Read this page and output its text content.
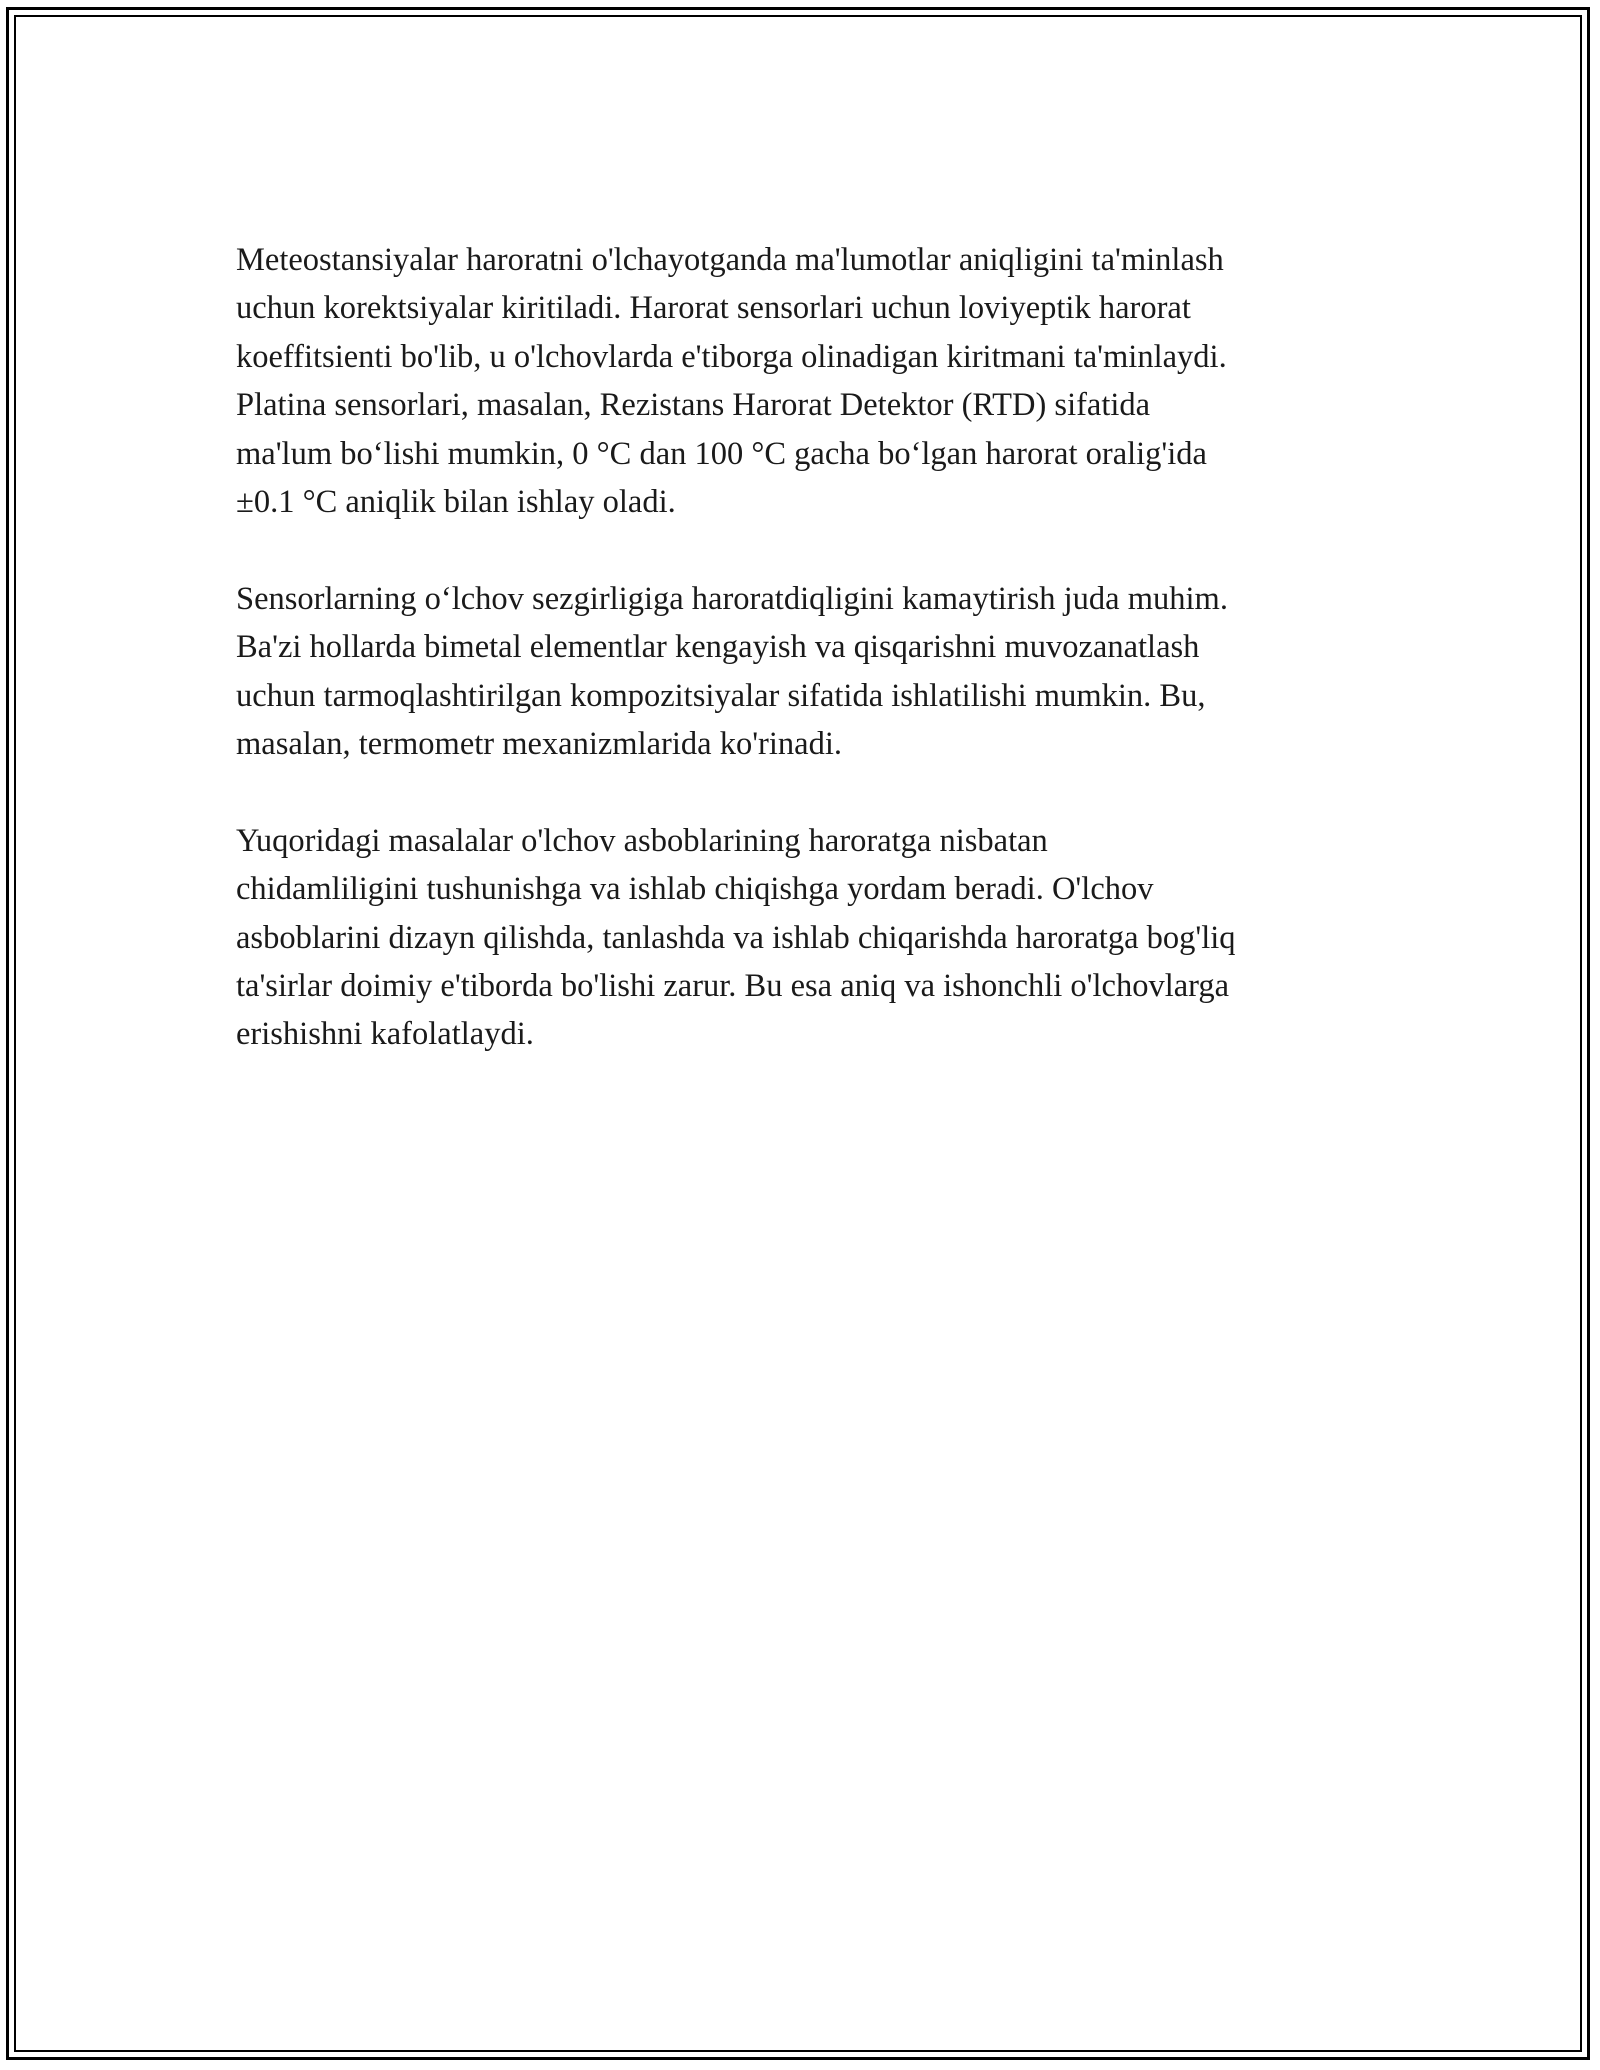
Meteostansiyalar haroratni o'lchayotganda ma'lumotlar aniqligini ta'minlash
uchun korektsiyalar kiritiladi. Harorat sensorlari uchun loviyeptik harorat
koeffitsienti bo'lib, u o'lchovlarda e'tiborga olinadigan kiritmani ta'minlaydi.
Platina sensorlari, masalan, Rezistans Harorat Detektor (RTD) sifatida
ma'lum bo‘lishi mumkin, 0 °C dan 100 °C gacha bo‘lgan harorat oralig'ida
±0.1 °C aniqlik bilan ishlay oladi.

Sensorlarning o‘lchov sezgirligiga haroratdiqligini kamaytirish juda muhim.
Ba'zi hollarda bimetal elementlar kengayish va qisqarishni muvozanatlash
uchun tarmoqlashtirilgan kompozitsiyalar sifatida ishlatilishi mumkin. Bu,
masalan, termometr mexanizmlarida ko'rinadi.

Yuqoridagi masalalar o'lchov asboblarining haroratga nisbatan
chidamliligini tushunishga va ishlab chiqishga yordam beradi. O'lchov
asboblarini dizayn qilishda, tanlashda va ishlab chiqarishda haroratga bog'liq
ta'sirlar doimiy e'tiborda bo'lishi zarur. Bu esa aniq va ishonchli o'lchovlarga
erishishni kafolatlaydi.
